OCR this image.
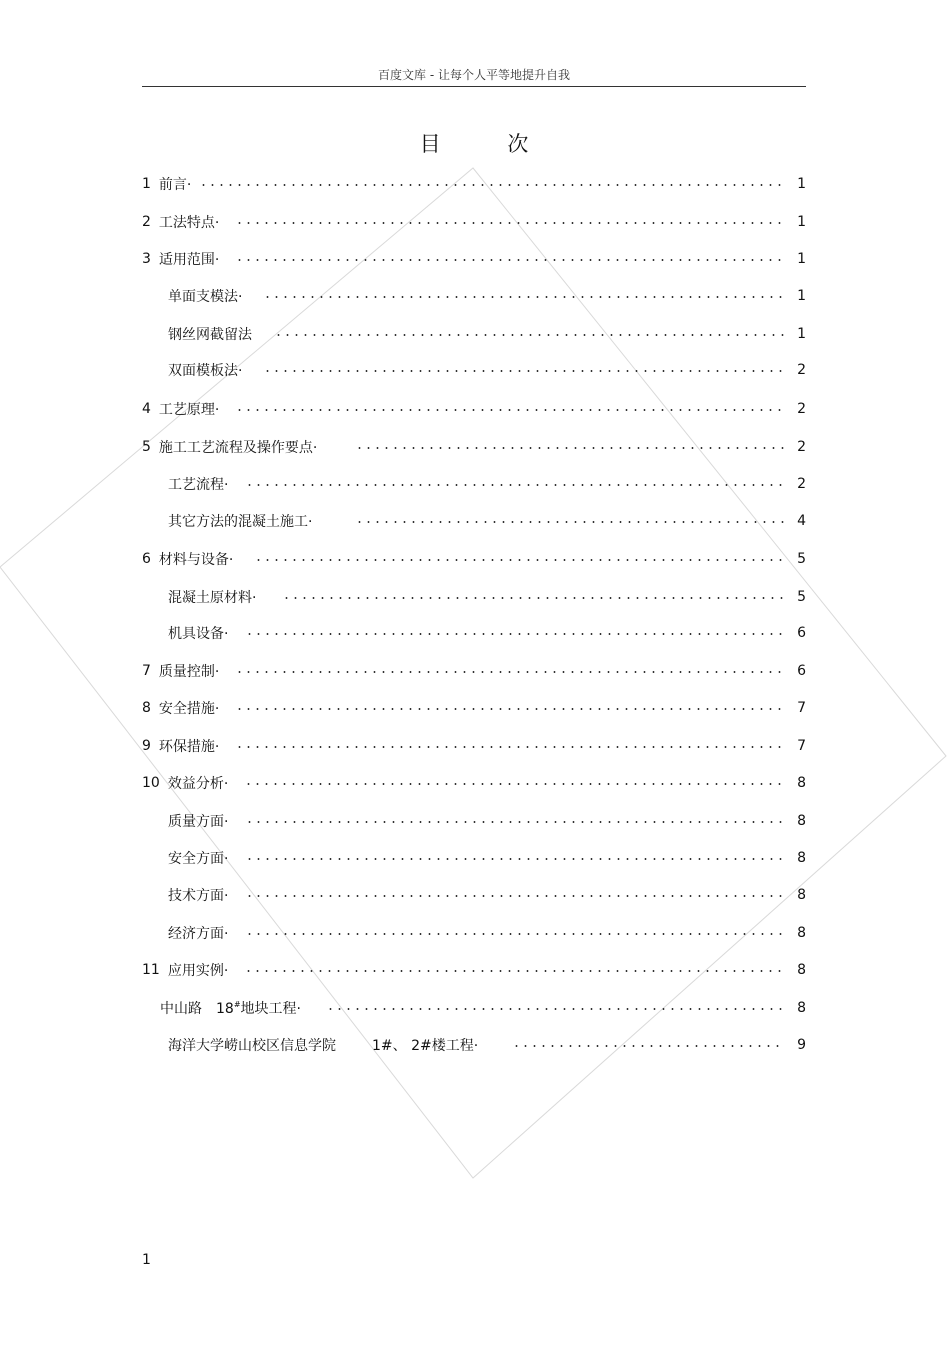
百度文库 - 让每个人平等地提升自我
目	次
1 前言·	1
2 工法特点·	1
3 适用范围·	1
单面支模法·	1
钢丝网截留法	1
双面模板法·	2
4 工艺原理·	2
5 施工工艺流程及操作要点·	2
工艺流程·	2
其它方法的混凝土施工·	4
6 材料与设备·	5
混凝土原材料·	5
机具设备·	6
7 质量控制·	6
8 安全措施·	7
9 环保措施·	7
10 效益分析·	8
质量方面·	8
安全方面·	8
技术方面·	8
经济方面·	8
11 应用实例·	8
中山路 18#地块工程·	8
海洋大学崂山校区信息学院	1#、 2#楼工程·	9
1
